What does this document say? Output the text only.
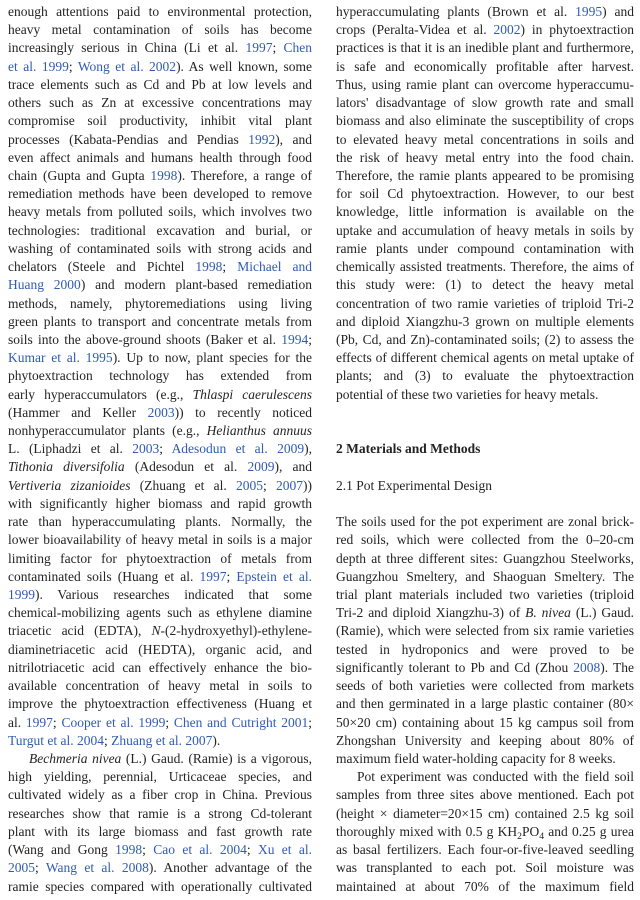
enough attentions paid to environmental protection,
heavy metal contamination of soils has become
increasingly serious in China (Li et al. 1997; Chen
et al. 1999; Wong et al. 2002). As well known, some
trace elements such as Cd and Pb at low levels and
others such as Zn at excessive concentrations may
compromise soil productivity, inhibit vital plant
processes (Kabata-Pendias and Pendias 1992), and
even affect animals and humans health through food
chain (Gupta and Gupta 1998). Therefore, a range of
remediation methods have been developed to remove
heavy metals from polluted soils, which involves two
technologies: traditional excavation and burial, or
washing of contaminated soils with strong acids and
chelators (Steele and Pichtel 1998; Michael and
Huang 2000) and modern plant-based remediation
methods, namely, phytoremediations using living
green plants to transport and concentrate metals from
soils into the above-ground shoots (Baker et al. 1994;
Kumar et al. 1995). Up to now, plant species for the
phytoextraction technology has extended from
early hyperaccumulators (e.g., Thlaspi caerulescens
(Hammer and Keller 2003)) to recently noticed
nonhyperaccumulator plants (e.g., Helianthus annuus
L. (Liphadzi et al. 2003; Adesodun et al. 2009),
Tithonia diversifolia (Adesodun et al. 2009), and
Vertiveria zizanioides (Zhuang et al. 2005; 2007))
with significantly higher biomass and rapid growth
rate than hyperaccumulating plants. Normally, the
lower bioavailability of heavy metal in soils is a major
limiting factor for phytoextraction of metals from
contaminated soils (Huang et al. 1997; Epstein et al.
1999). Various researches indicated that some
chemical-mobilizing agents such as ethylene diamine
triacetic acid (EDTA), N-(2-hydroxyethyl)-ethylene-
diaminetriacetic acid (HEDTA), organic acid, and
nitrilotriacetic acid can effectively enhance the bio-
available concentration of heavy metal in soils to
improve the phytoextraction effectiveness (Huang et
al. 1997; Cooper et al. 1999; Chen and Cutright 2001;
Turgut et al. 2004; Zhuang et al. 2007).
Bechmeria nivea (L.) Gaud. (Ramie) is a vigorous,
high yielding, perennial, Urticaceae species, and
cultivated widely as a fiber crop in China. Previous
researches show that ramie is a strong Cd-tolerant
plant with its large biomass and fast growth rate
(Wang and Gong 1998; Cao et al. 2004; Xu et al.
2005; Wang et al. 2008). Another advantage of the
ramie species compared with operationally cultivated
hyperaccumulating plants (Brown et al. 1995) and
crops (Peralta-Videa et al. 2002) in phytoextraction
practices is that it is an inedible plant and furthermore,
is safe and economically profitable after harvest.
Thus, using ramie plant can overcome hyperaccumu-
lators' disadvantage of slow growth rate and small
biomass and also eliminate the susceptibility of crops
to elevated heavy metal concentrations in soils and
the risk of heavy metal entry into the food chain.
Therefore, the ramie plants appeared to be promising
for soil Cd phytoextraction. However, to our best
knowledge, little information is available on the
uptake and accumulation of heavy metals in soils by
ramie plants under compound contamination with
chemically assisted treatments. Therefore, the aims of
this study were: (1) to detect the heavy metal
concentration of two ramie varieties of triploid Tri-2
and diploid Xiangzhu-3 grown on multiple elements
(Pb, Cd, and Zn)-contaminated soils; (2) to assess the
effects of different chemical agents on metal uptake of
plants; and (3) to evaluate the phytoextraction
potential of these two varieties for heavy metals.
2 Materials and Methods
2.1 Pot Experimental Design
The soils used for the pot experiment are zonal brick-
red soils, which were collected from the 0–20-cm
depth at three different sites: Guangzhou Steelworks,
Guangzhou Smeltery, and Shaoguan Smeltery. The
trial plant materials included two varieties (triploid
Tri-2 and diploid Xiangzhu-3) of B. nivea (L.) Gaud.
(Ramie), which were selected from six ramie varieties
tested in hydroponics and were proved to be
significantly tolerant to Pb and Cd (Zhou 2008). The
seeds of both varieties were collected from markets
and then germinated in a large plastic container (80×
50×20 cm) containing about 15 kg campus soil from
Zhongshan University and keeping about 80% of
maximum field water-holding capacity for 8 weeks.
Pot experiment was conducted with the field soil
samples from three sites above mentioned. Each pot
(height × diameter=20×15 cm) contained 2.5 kg soil
thoroughly mixed with 0.5 g $KH_2PO_4$ and 0.25 g urea
as basal fertilizers. Each four-or-five-leaved seedling
was transplanted to each pot. Soil moisture was
maintained at about 70% of the maximum field
